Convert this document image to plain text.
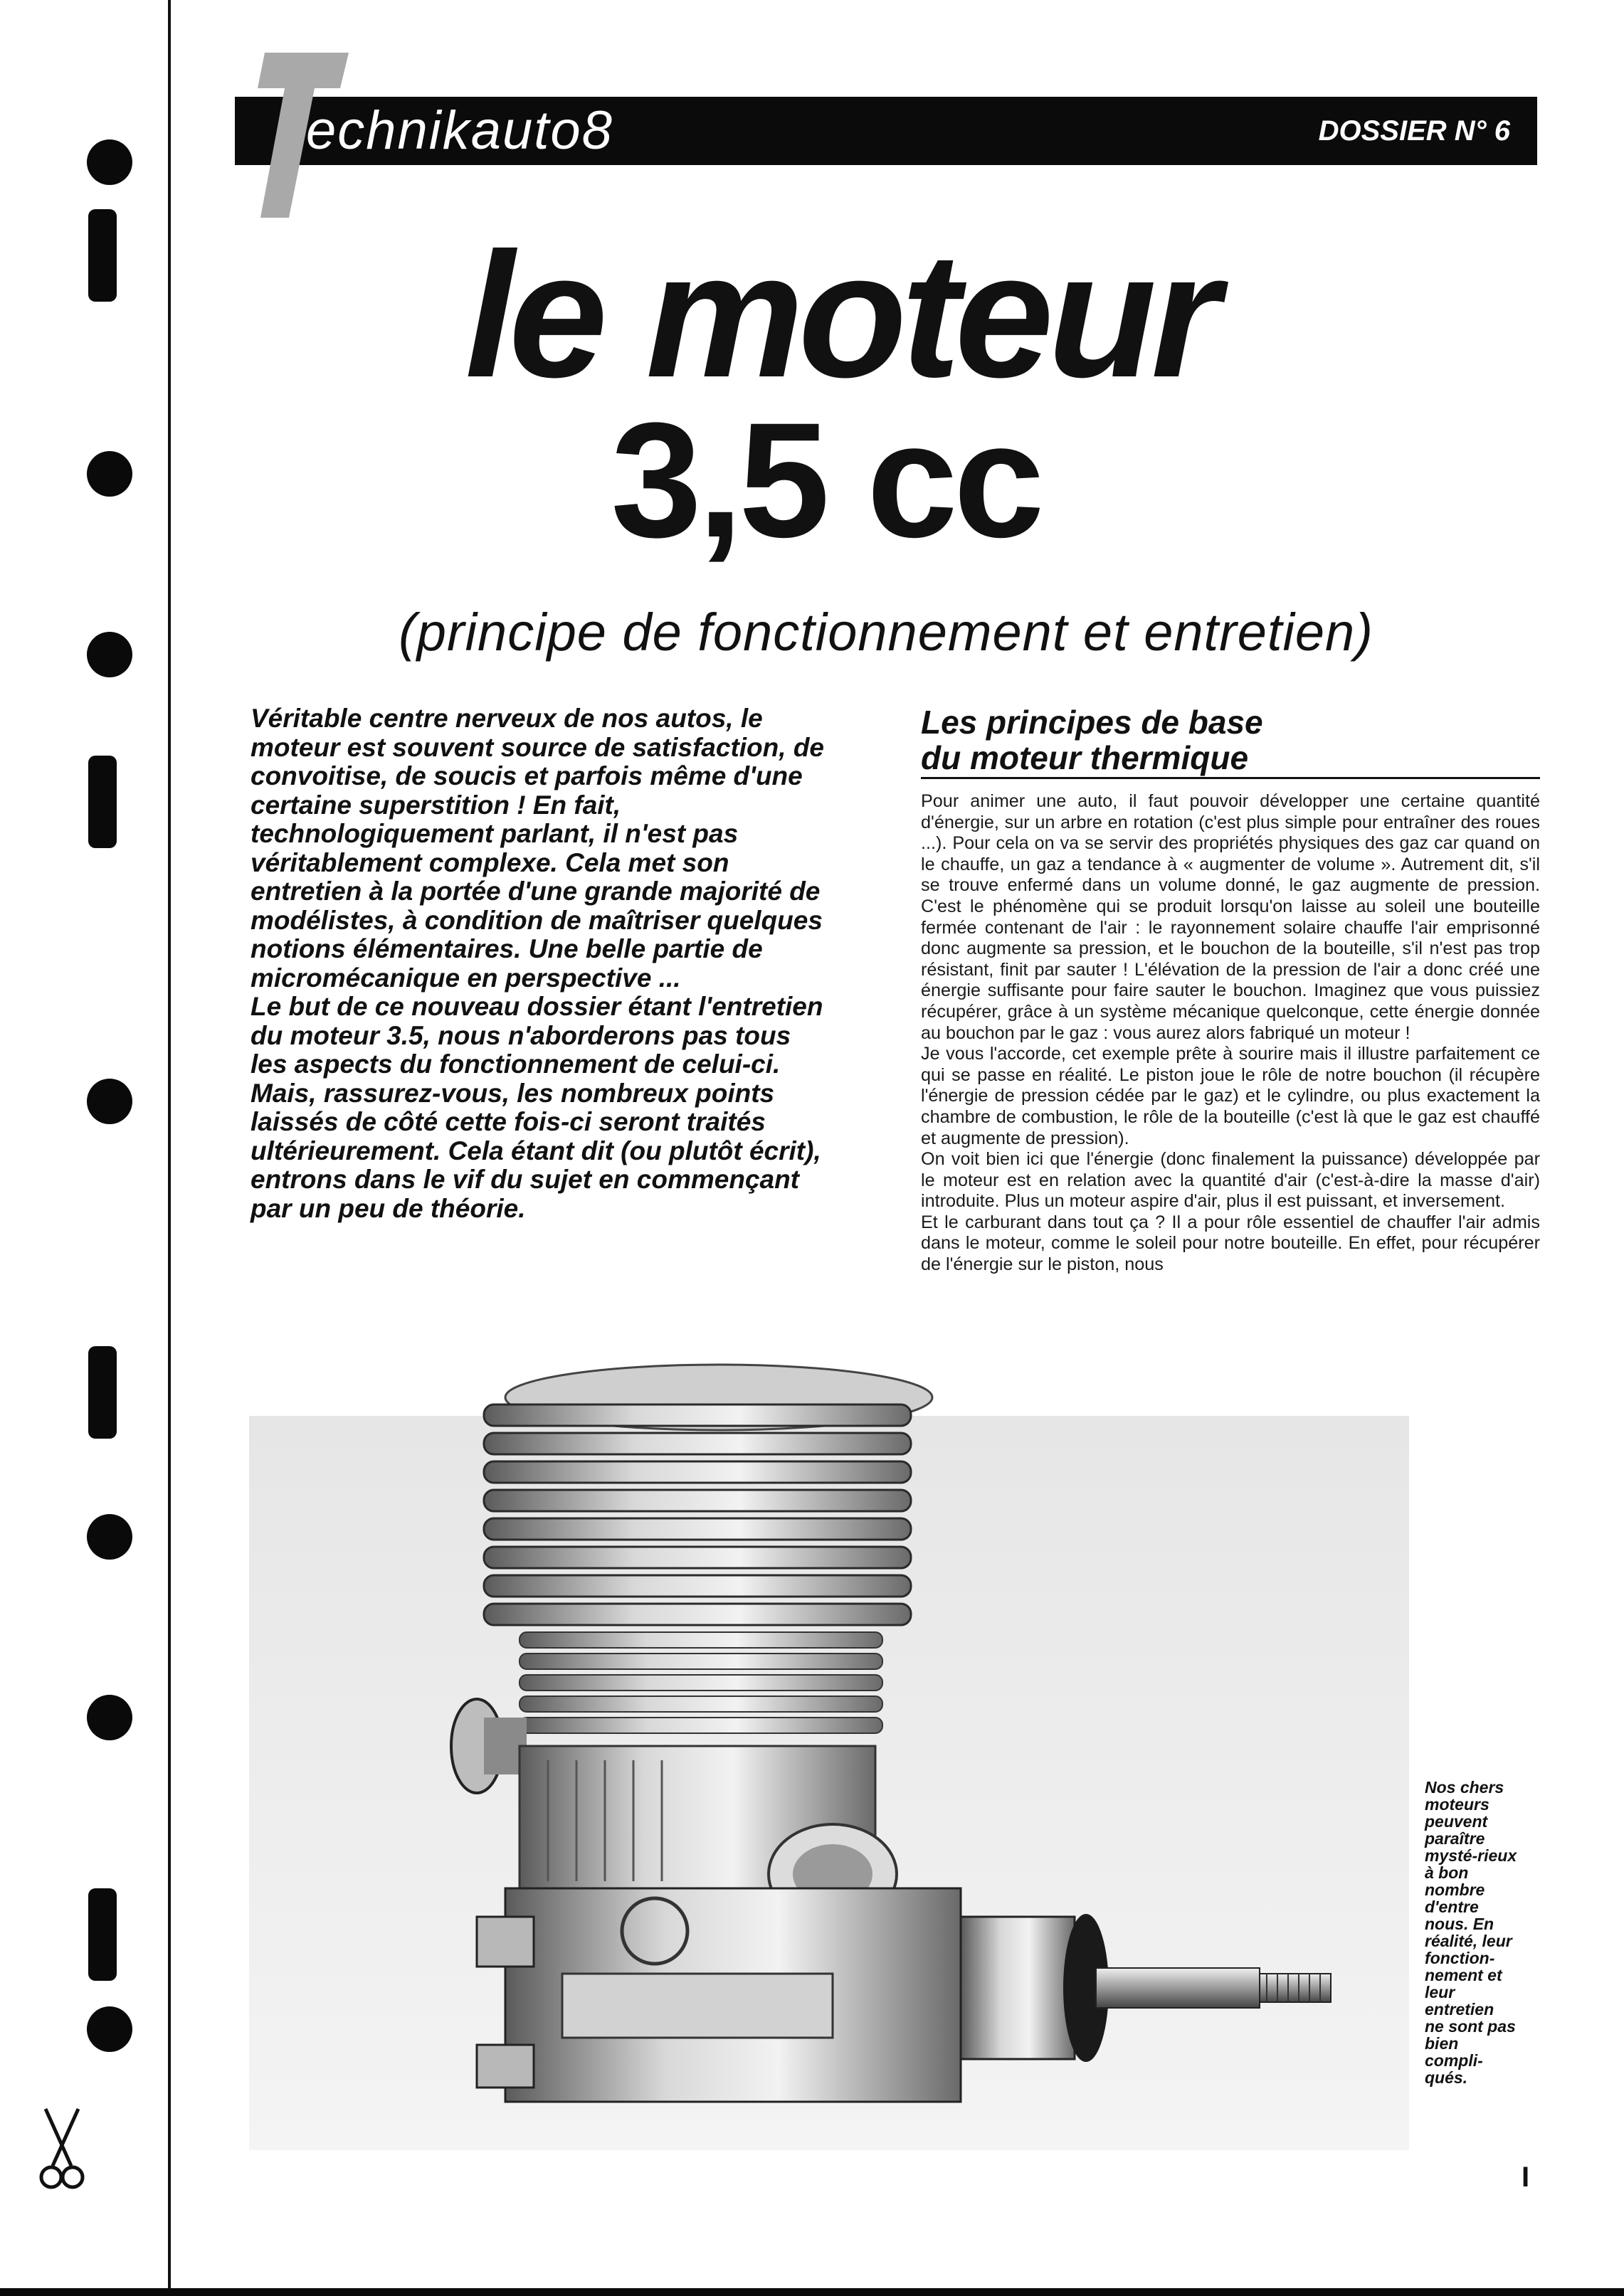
echnikauto8	DOSSIER N° 6
le moteur
3,5 cc
(principe de fonctionnement et entretien)
Véritable centre nerveux de nos autos, le moteur est souvent source de satisfaction, de convoitise, de soucis et parfois même d'une certaine superstition ! En fait, technologiquement parlant, il n'est pas véritablement complexe. Cela met son entretien à la portée d'une grande majorité de modélistes, à condition de maîtriser quelques notions élémentaires. Une belle partie de micromécanique en perspective ...
Le but de ce nouveau dossier étant l'entretien du moteur 3.5, nous n'aborderons pas tous les aspects du fonctionnement de celui-ci. Mais, rassurez-vous, les nombreux points laissés de côté cette fois-ci seront traités ultérieurement. Cela étant dit (ou plutôt écrit), entrons dans le vif du sujet en commençant par un peu de théorie.
Les principes de base
du moteur thermique
Pour animer une auto, il faut pouvoir développer une certaine quantité d'énergie, sur un arbre en rotation (c'est plus simple pour entraîner des roues ...). Pour cela on va se servir des propriétés physiques des gaz car quand on le chauffe, un gaz a tendance à « augmenter de volume ». Autrement dit, s'il se trouve enfermé dans un volume donné, le gaz augmente de pression. C'est le phénomène qui se produit lorsqu'on laisse au soleil une bouteille fermée contenant de l'air : le rayonnement solaire chauffe l'air emprisonné donc augmente sa pression, et le bouchon de la bouteille, s'il n'est pas trop résistant, finit par sauter ! L'élévation de la pression de l'air a donc créé une énergie suffisante pour faire sauter le bouchon. Imaginez que vous puissiez récupérer, grâce à un système mécanique quelconque, cette énergie donnée au bouchon par le gaz : vous aurez alors fabriqué un moteur !
Je vous l'accorde, cet exemple prête à sourire mais il illustre parfaitement ce qui se passe en réalité. Le piston joue le rôle de notre bouchon (il récupère l'énergie de pression cédée par le gaz) et le cylindre, ou plus exactement la chambre de combustion, le rôle de la bouteille (c'est là que le gaz est chauffé et augmente de pression).
On voit bien ici que l'énergie (donc finalement la puissance) développée par le moteur est en relation avec la quantité d'air (c'est-à-dire la masse d'air) introduite. Plus un moteur aspire d'air, plus il est puissant, et inversement.
Et le carburant dans tout ça ? Il a pour rôle essentiel de chauffer l'air admis dans le moteur, comme le soleil pour notre bouteille. En effet, pour récupérer de l'énergie sur le piston, nous
Nos chers moteurs peuvent paraître mysté-rieux à bon nombre d'entre nous. En réalité, leur fonction-nement et leur entretien ne sont pas bien compli-qués.
I
